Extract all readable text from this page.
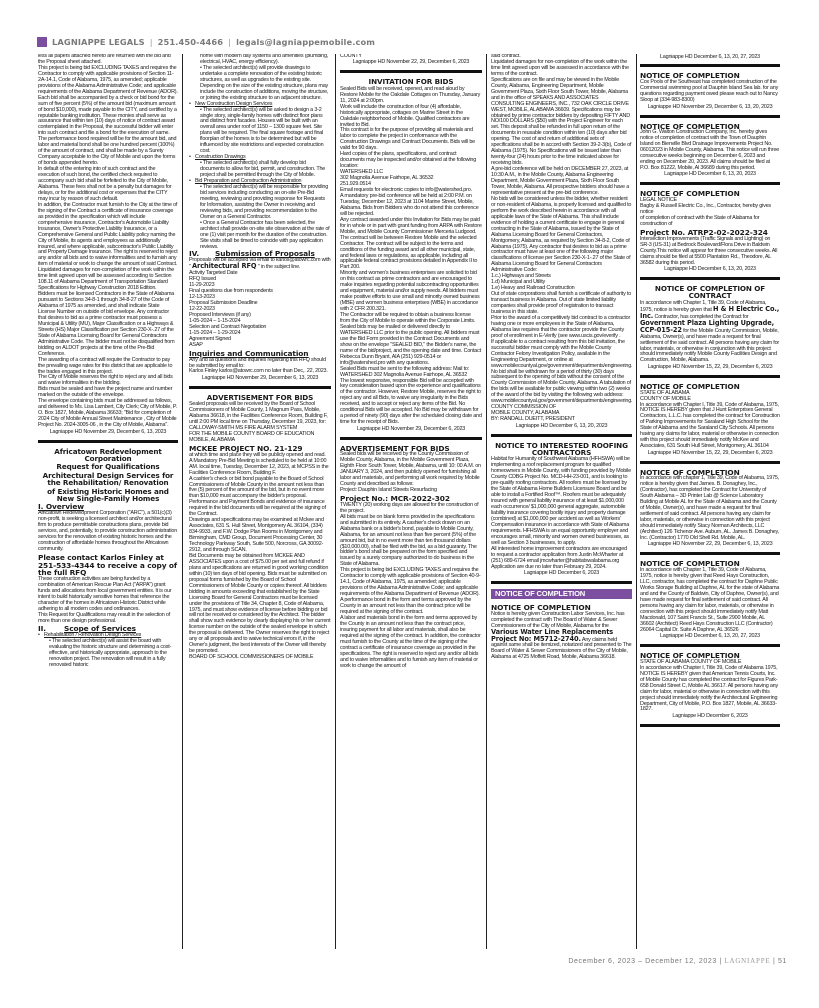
LAGNIAPPE LEGALS | 251.450-4466 | legals@lagniappemobile.com

less all papers attached hereto are returned with the bid and the Proposal sheet attached.

This project is being bid EXCLUDING TAXES and requires the Contractor to comply with applicable provisions of Section 11-2A-14.1, Code of Alabama, 1975, as amended; applicable provisions of the Alabama Administrative Code; and applicable requirements of the Alabama Department of Revenue (ADOR).

Each bid shall be accompanied by a check or bid bond for the sum of five percent (5%) of the amount bid (maximum amount of bond $10,000), made payable to the CITY, and certified by a reputable banking institution. These monies shall serve as assurance that within ten (10) days of notice of contract award contemplated in the Proposal, the successful bidder will enter into such contract and file a bond for the execution of same.

The performance bond required will be for the amount bid, and labor and material bond shall be one hundred percent (100%) of the amount of contract, and shall be made by a Surety Company acceptable to the City of Mobile and upon the forms of bonds appended hereto.

In default of the entering into of such contract and the execution of such bond, the certified check required to accompany such bid shall be forfeited to the City of Mobile, Alabama. These fees shall not be a penalty but damages for delays, or for the additional cost or expenses that the CITY may incur by reason of such default.

In addition, the Contractor must furnish to the City at the time of the signing of the Contract a certificate of insurance coverage as provided in the specification which will include comprehensive insurance, Contractor's Automobile Liability Insurance, Owner's Protective Liability Insurance, or a Comprehensive General and Public Liability policy naming the City of Mobile, its agents and employees as additionally insured, and where applicable, subcontractor's Public Liability and Property Damage Insurance. The right is reserved to reject any and/or all bids and to waive informalities and to furnish any item of material or work to change the amount of said Contract.

Liquidated damages for non-completion of the work within the time limit agreed upon will be assessed according to Section 108.11 of Alabama Department of Transportation Standard Specifications for Highway Construction 2018 Edition.

Bidders must be licensed Contractors in the State of Alabama pursuant to Sections 34-8-1 through 34-8-27 of the Code of Alabama of 1975 as amended, and shall indicate State License Number on outside of bid envelope. Any contractor that desires to bid as a prime contractor must possess a Municipal & Utility (MU), Major Classification or a Highways & Streets (HS) Major Classification per Section 230-X-.27 of the State of Alabama Licensing Board for General Contractors Administrative Code. The bidder must not be disqualified from bidding on ALDOT projects at the time of the Pre-Bid Conference.

The awarding of a contract will require the Contractor to pay the prevailing wage rates for this district that are applicable to the trades engaged in this project.

The City of Mobile reserves the right to reject any and all bids and waive informalities in the bidding.

Bids must be sealed and have the project name and number marked on the outside of the envelope.

The envelope containing bids must be addressed as follows, and delivered to Ms. Lisa Lambert, City Clerk; City of Mobile, P. O. Box 1827, Mobile, Alabama 36633; "Bid for completion of 2024 City of Mobile Annual Street Maintenance , City of Mobile Project No. 2024-3005-06 , in the City of Mobile, Alabama".

Lagniappe HD November 29, December 6, 13, 2023
Africatown Redevelopment Corporation
Request for Qualifications
Architectural Design Services for the Rehabilitation/ Renovation
of Existing Historic Homes and New Single-Family Homes
I. Overview

Africatown Redevelopment Corporation ("ARC"), a 501(c)(3) non-profit, is seeking a licensed architect and/or architectural firm to produce permittable constructions plans, provide bid services, and, potentially, to provide construction administration services for the renovation of existing historic homes and the construction of affordable homes throughout the Africatown community.

Please contact Karlos Finley at 251-533-4344 to receive a copy of the full RFQ

These construction activities are being funded by a combination of American Rescue Plan Act ("ARPA") grant funds and allocations from local government entities. It is our intent to build historically sensitive homes that reference the character of the homes in Africatown Historic District while adhering to all modern codes and ordinances.

This Request for Qualifications may result in the selection of more than one design professional.

II.	Scope of Services
• Rehabilitation / Renovation Design Services
• The selected architect(s) will assist the board with evaluating the historic structure and determining a cost-effective, and historically appropriate, approach to the renovation project. The renovation will result in a fully renovated historic
home with modern day systems and amenities (plumbing, electrical, HVAC, energy efficiency).
• The selected architect(s) will provide drawings to undertake a complete renovation of the existing historic structures, as well as upgrades to the existing site. Depending on the size of the existing structure, plans may include the construction of additions, moving the structure, or joining the existing structure to an adjacent structure.
• New Construction Design Services
• The selected architect(s) will be asked to design a 3-2 single story, single-family homes with distinct floor plans and distinct front facades. Houses will be built with an overall area under roof of 1150 – 1300 square feet. Site plans will be required. The final square footage and final floorplan of the homes is to be determined but will be influenced by site restrictions and expected construction cost.
• Construction Drawings
• The selected architect(s) shall fully develop bid documents to allow for bid, permit, and construction. The project shall be permitted through the City of Mobile.
• Bid Preparation and Construction Administration
• The selected architect(s) will be responsible for providing bid services including conducting an on-site Pre-Bid meeting, reviewing and providing response for Requests for Information, assisting the Owner in receiving and reviewing bids, and providing recommendation to the Owner on a General Contractor.
• Once a General Contractor has been selected, the architect shall provide on-site site observation at the rate of one (1) visit per month for the duration of the construction. Site visits shall be timed to coincide with pay application reviews.
IV.	Submission of Proposals

Proposals will be accepted via email to karlos@atowrc.com with " Architectural RFQ " in the subject line.

Activity Targeted Date
RFQ Issued
11-29-2023
Final questions due from respondents
12-13-2023
Proposal Submission Deadline
12-22-2023
Proposed Interviews (if any)
1-05-2024 – 1-15-2024
Selection and Contract Negotiation
1-15-2024 – 1-29-2024
Agreement Signed
ASAP
Inquiries and Communication

Any and all questions and inquiries regarding this RFQ should be submitted by email to:

Karlos Finley karlos@atowrc.com no later than Dec,. 22, 2023.

Lagniappe HD November 29, December 6, 13, 2023
ADVERTISEMENT FOR BIDS

Sealed proposals will be received by the Board of School Commissioners of Mobile County, 1 Magnum Pass, Mobile, Alabama 36618, in the Facilities Conference Room, Building F, until 2:00 PM local time on Thursday, December 19, 2023, for:

CALLOWAY-SMITH MS FIRE ALARM SYSTEM
FOR THE MOBILE COUNTY BOARD OF EDUCATION
MOBILE, ALABAMA
MCKEE PROJECT NO. 21-129

at which time and place they will be publicly opened and read.

A Mandatory Pre-Bid Meeting is scheduled to be held at 10:00 AM. local time, Tuesday, December 12, 2023, at MCPSS in the Facilities Conference Room, Building F.

A cashier's check or bid bond payable to the Board of School Commissioners of Mobile County in the amount not less than five (5) percent of the amount of the bid, but in no event more than $10,000 must accompany the bidder's proposal. Performance and Payment Bonds and evidence of insurance required in the bid documents will be required at the signing of the Contract.

Drawings and specifications may be examined at Mckee and Associates, 631 S. Hull Street, Montgomery AL 36104, (334) 834-9933, and F.W. Dodge Plan Rooms in Montgomery and Birmingham, CMD Group, Document Processing Center, 30 Technology Parkway South, Suite 500, Norcross, GA 30092-2912, and through SCAN.

Bid Documents may be obtained from MCKEE AND ASSOCIATES upon a cost of $75.00 per set and full refund if plans and specifications are returned in good working condition within (10) ten days of bid opening. Bids must be submitted on proposal forms furnished by the Board of School Commissioners of Mobile County or copies thereof. All bidders bidding in amounts exceeding that established by the State Licensing Board for General Contractors must be licensed under the provisions of Title 34, Chapter 8, Code of Alabama, 1975, and must show evidence of license before bidding or bid will not be received or considered by the Architect. The bidder shall show such evidence by clearly displaying his or her current license number on the outside of the sealed envelope in which the proposal is delivered. The Owner reserves the right to reject any or all proposals and to waive technical errors if, in the Owner's judgment, the best interests of the Owner will thereby be promoted.

BOARD OF SCHOOL COMMISSIONERS OF MOBILE

COUNTY

Lagniappe HD November 22, 29, December 6, 2023
INVITATION FOR BIDS

Sealed Bids will be received, opened, and read aloud by Restore Mobile for the Oakdale Cottages on Thursday, January 11, 2024 at 2:00pm.

Work will include the construction of four (4) affordable, historically appropriate, cottages on Marine Street in the Oakdale neighborhood of Mobile. Qualified contractors are invited to Bid.

This contract is for the purpose of providing all materials and labor to complete the project in conformance with the Construction Drawings and Contract Documents. Bids will be valid for 90 days.

Hard copies of the plans, specifications, and contract documents may be inspected and/or obtained at the following location:

WATERSHED LLC
302 Magnolia Avenue Fairhope, AL 36532
251.929.0514

Email requests for electronic copies to info@watershed.pro.

A mandatory pre-bid conference will be held at 2:00 P.M. on Tuesday, December 12, 2023 at 1104 Marine Street, Mobile, Alabama. Bids from Bidders who do not attend this conference will be rejected.

Any contract awarded under this Invitation for Bids may be paid for in whole or in part with grant funding from ARPA with Restore Mobile, and Mobile County Commissioner Merceria Ludgood. The contract will be between Restore Mobile and the selected Contractor. The contract will be subject to the terms and conditions of the funding award and all other municipal, state, and federal laws or regulations, as applicable, including all applicable federal contract provisions detailed in Appendix II to Part 200.

Minority and women's business enterprises are solicited to bid on this contract as prime contractors and are encouraged to make inquiries regarding potential subcontracting opportunities and equipment, material and/or supply needs. All bidders must make positive efforts to use small and minority owned business (MBE) and women business enterprises (WBE) in accordance with 2 CFR 200.321.

The Contractor will be required to obtain a business license from the City of Mobile to operate within the Corporate Limits.

Sealed bids may be mailed or delivered directly to WATERSHED LLC prior to the public opening. All bidders must use the Bid Form provided in the Contract Documents and show on the envelope "SEALED BID," the Bidder's name, the name of the bid/project, and the opening date and time. Contact Rebecca Dunn Bryant, AIA (251) 929-0514 or info@watershed.pro with any questions.

Sealed Bids must be sent to the following address: Mail to: WATERSHED 302 Magnolia Avenue Fairhope, AL 36532

The lowest responsive, responsible Bid will be accepted with key consideration based upon the experience and qualifications of the contractor. However, Restore Mobile, reserves the right to reject any and all Bids, to waive any irregularity in the Bids received, and to accept or reject any items of the Bid. No conditional Bids will be accepted. No Bid may be withdrawn for a period of ninety (90) days after the scheduled closing date and time for the receipt of Bids.

Lagniappe HD November 29, December 6, 2023
ADVERTISEMENT FOR BIDS

Sealed bids will be received by the County Commission of Mobile County, Alabama, in the Mobile Government Plaza, Eighth Floor South Tower, Mobile, Alabama, until 10: 00 A.M. on JANUARY 3, 2024, and then publicly opened for furnishing all labor and materials, and performing all work required by Mobile County and described as follows:

Project: Dauphin Island Streets Resurfacing

Project No.: MCR-2022-302

TWENTY (20) working days are allowed for the construction of the project.

All bids must be on blank forms provided in the specifications and submitted in its entirety. A cashier's check drawn on an Alabama bank or a bidder's bond, payable to Mobile County, Alabama, for an amount not less than five percent (5%) of the amount bid, but in no event more than ten thousand dollars ($10,000.00), shall be filed with the bid, as a bid guaranty. The bidder's bond shall be prepared on the form specified and issued by a surety company authorized to do business in the State of Alabama.

This project is being bid EXCLUDING TAXES and requires the Contractor to comply with applicable provisions of Section 40-9-14.1, Code of Alabama, 1975, as amended; applicable provisions of the Alabama Administrative Code; and applicable requirements of the Alabama Department of Revenue (ADOR).

A performance bond in the form and terms approved by the County in an amount not less than the contract price will be required at the signing of the contract.

A labor and materials bond in the form and terms approved by the County in an amount not less than the contract price, insuring payment for all labor and materials, shall also be required at the signing of the contract. In addition, the contractor must furnish to the County at the time of the signing of the contract a certificate of insurance coverage as provided in the specifications. The right is reserved to reject any and/or all bids and to waive informalities and to furnish any item of material or work to change the amount of

said contract.

Liquidated damages for non-completion of the work within the time limit agreed upon will be assessed in accordance with the terms of the contract.

Specifications are on file and may be viewed in the Mobile County, Alabama, Engineering Department, Mobile Government Plaza, Sixth Floor South Tower, Mobile, Alabama and in the office of SPEAKS AND ASSOCIATES CONSULTING ENGINEERS, INC., 732 OAK CIRCLE DRIVE WEST, MOBILE, ALABAMA 36609. Specifications may be obtained by prime contractor bidders by depositing FIFTY AND NO/100 DOLLARS ($50) with the Project Engineer for each set. This deposit shall be refunded in full upon return of the documents in reusable condition within ten (10) days after bid opening. The cost of and return of additional sets of specifications shall be in accord with Section 39-2-3(b), Code of Alabama (1975). No Specifications will be issued later than twenty-four (24) hours prior to the time indicated above for receiving bids.

A pre-bid conference will be held on DECEMBER 27, 2023, at 10:30 A.M., in the Mobile County, Alabama Engineering Department, Mobile Government Plaza, Sixth Floor South Tower, Mobile, Alabama. All prospective bidders should have a representative present at the pre-bid conference.

No bids will be considered unless the bidder, whether resident or non-resident of Alabama, is properly licensed and qualified to perform the work described herein in accordance with all applicable laws of the State of Alabama. This shall include evidence of holding a current certificate to engage in general contracting in the State of Alabama, issued by the State of Alabama Licensing Board for General Contractors, Montgomery, Alabama, as required by Section 34-8-2, Code of Alabama (1975). Any contractor that desires to bid as a prime contractor must have at least one of the following major classifications of license per Section 230-X-1-.27 of the State of Alabama Licensing Board for General Contractors Administrative Code:

1.c.) Highways and Streets
1.d) Municipal and Utility
1.e) Heavy and Railroad Construction

Out of state corporations shall furnish a certificate of authority to transact business in Alabama. Out of state limited liability companies shall provide proof of registration to transact business in this state.

Prior to the award of a competitively bid contract to a contractor having one or more employees in the State of Alabama, Alabama law requires that the contractor provide the County proof of enrollment in E-Verify (see www.uscis.gov/everify .

If applicable to a contract resulting from this bid invitation, the successful bidder must comply with the Mobile County Contractor Felony Investigation Policy, available in the Engineering Department, or online at www.mobilecountyal.gov/government/departments/engineering.

No bid shall be withdrawn for a period of thirty (30) days subsequent to the opening of bids without the consent of the County Commission of Mobile County, Alabama. A tabulation of the bids will be available for public viewing within two (2) weeks of the award of the bid by visiting the following web address: www.mobilecountyal.gov/government/departments/engineering.

COUNTY COMMISSION OF
MOBILE COUNTY, ALABAMA
BY: RANDALL DUEITT, PRESIDENT
Lagniappe HD December 6, 13, 20, 2023
NOTICE TO INTERESTED ROOFING CONTRACTORS

Habitat for Humanity of Southwest Alabama (HFHSWA) will be implementing a roof replacement program for qualified homeowners in Mobile County, with funding provided by Mobile County CDBG Project No. MCD-HH-23-001, and is looking to pre-qualify roofing contractors. All roofers must be licensed by the State of Alabama Home Builders Licensure Board and be able to install a Fortified Roof™. Roofers must be adequately insured with general liability insurance of at least $1,000,000 each occurrence/ $1,000,000 general aggregate, automobile liability insurance covering bodily injury and property damage (combined) at $1,000,000 per accident as well as Workers' Compensation insurance in accordance with State of Alabama requirements. HFHSWA is an equal opportunity employer and encourages small, minority and women owned businesses, as well as Section 3 businesses, to apply.

All interested home improvement contractors are encouraged to request a contractor application from Justin McWharter at (251) 689-6724 email jmcwharter@habitatswalabama.org

Application are due no later than February 29, 2024.

Lagniappe HD December 6, 2023
NOTICE OF COMPLETION
NOTICE OF COMPLETION

Notice is hereby given Construction Labor Services, Inc. has completed the contract with The Board of Water & Sewer Commissioners of the City of Mobile, Alabama for the Various Water Line Replacements Project No: M5712-2740. Any claims held against same shall be itemized, notarized and presented to The Board of Water & Sewer Commissioners of the City of Mobile, Alabama at 4725 Moffett Road, Mobile, Alabama 36618.

Lagniappe HD December 6, 13, 20, 27, 2023
NOTICE OF COMPLETION

Cox Pools of the Southeast has completed construction of the Commercial swimming pool at Dauphin Island Sea lab. for any questions regarding payment owed please reach out to Nancy Sloop at (334-983-8300)

Lagniappe HD November 29, December 6, 13, 20, 2023
NOTICE OF COMPLETION

John G. Walton Construction Company, Inc. hereby gives notice of completion of contract with the Town of Dauphin Island on Bienville Blvd Drainage Improvements Project No. 06012023 in Mobile County, Alabama. This notice will run three consecutive weeks beginning on December 6, 2023 and ending on December 20, 2023. All claims should be filed at P.O. Box 81222, Mobile, Al 36689 during this period.

Lagniappe HD December 6, 13, 20, 2023
NOTICE OF COMPLETION
LEGAL NOTICE
Bagby & Russell Electric Co., Inc., Contractor, hereby gives notice
of completion of contract with the State of Alabama for construction of
Project No. ATRP2-02-2022-324

Intersection Improvements (Traffic Signals and Lighting) on SR-3 (US-31) at Bedrock Boulevard/Flora Drive in Baldwin County.This notice will appear for three consecutive weeks. All claims should be filed at 5500 Plantation Rd., Theodore, AL 36582 during this period.

Lagniappe HD December 6, 13, 20, 2023
NOTICE OF COMPLETION OF CONTRACT

In accordance with Chapter 1, Title 39, Code of Alabama, 1975, notice is hereby given that H & H Electric Co., Inc. Contractor, has completed the Contract for Government Plaza Lighting Upgrade, CCP-015-22 for the Mobile County Commission, Mobile, Alabama, Owner(s), and have made a request for final settlement of the said contract. All persons having any claim for labor, materials, or otherwise in conjunction with this project should immediately notify Mobile County Facilities Design and Construction, Mobile, Alabama.

Lagniappe HD November 15, 22, 29, December 6, 2023
NOTICE OF COMPLETION
STATE OF ALABAMA
COUNTY OF MOBILE

In accordance with Chapter I, Title 39, Code of Alabama, 1975, NOTICE IS HEREBY given that J Hunt Enterprises General Contractors, L.L.C. has completed the contract for Construction of Parking Improvements for Saraland High School for the State of Alabama and the Saraland City Schools. All persons having any claims for labor, material or otherwise in connection with this project should immediately notify McKee and Associates, 631 South Hull Street, Montgomery, AL 36104

Lagniappe HD November 15, 22, 29, December 6, 2023
NOTICE OF COMPLETION

In accordance with chapter 1, Title 39, Code of Alabama, 1975, notice is hereby given that James. B. Donaghey, Inc., (Contractor), has completed the Contract for University of South Alabama – 3D Printer Lab @ Science Laboratory Building at Mobile AL for the State of Alabama and the County of Mobile, Owner(s), and have made a request for final settlement of said contract. All persons having any claim for labor, materials, or otherwise in connection with this project should immediately notify Stacy Norman Architects, LLC (Architect) 126 Tichenor Ave. Auburn, AL. James B. Donaghey, Inc. (Contractor) 1770 Old Shell Rd. Mobile, AL.

Lagniappe HD November 22, 29, December 6, 13, 2023
NOTICE OF COMPLETION

In accordance with Chapter 1, Title 39, Code of Alabama, 1975, notice is hereby given that Reed Hays Construction, LLC, contractor, has completed the contract for Daphne Public Works Storage Building at Daphne, AL for the state of Alabama and and the County of Baldwin, City of Daphne, Owner(s), and have made request for final settlement of said contract. All persons having any claim for labor, materials, or otherwise in connection with this project should immediately notify Matt Macdonald, 107 Saint Francis St., Suite 2900 Mobile, AL 36602 (Architect) Reed Hays Construction LLC (Contractor) 26064 Capital Dr. Suite A Daphne, AL 36526

Lagniappe HD December 6, 13, 20, 27, 2023
NOTICE OF COMPLETION

STATE OF ALABAMA COUNTY OF MOBILE

In accordance with Chapter I, Title 39, Code of Alabama 1975, NOTICE IS HEREBY given that American Tennis Courts, Inc. of Mobile County has completed the contract for Figures Park- 658 Donald Street C, Mobile AL 36617. All persons having any claim for labor, material or otherwise in connection with this project should immediately notify the Architectural Engineering Department, City of Mobile, P.O. Box 1827, Mobile, AL 36633-1827.

Lagniappe HD December 6, 2023
December 6, 2023 – December 12, 2023 | LAGNIAPPE | 51
